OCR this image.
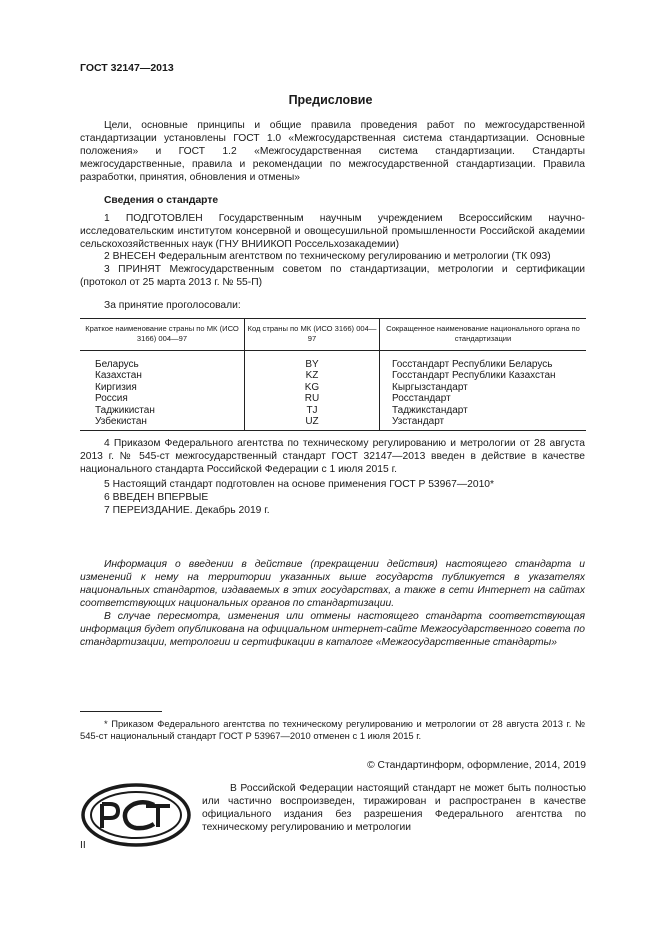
ГОСТ 32147—2013
Предисловие
Цели, основные принципы и общие правила проведения работ по межгосударственной стандартизации установлены ГОСТ 1.0 «Межгосударственная система стандартизации. Основные положения» и ГОСТ 1.2 «Межгосударственная система стандартизации. Стандарты межгосударственные, правила и рекомендации по межгосударственной стандартизации. Правила разработки, принятия, обновления и отмены»
Сведения о стандарте
1 ПОДГОТОВЛЕН Государственным научным учреждением Всероссийским научно-исследовательским институтом консервной и овощесушильной промышленности Российской академии сельскохозяйственных наук (ГНУ ВНИИКОП Россельхозакадемии)
2 ВНЕСЕН Федеральным агентством по техническому регулированию и метрологии (ТК 093)
3 ПРИНЯТ Межгосударственным советом по стандартизации, метрологии и сертификации (протокол от 25 марта 2013 г. № 55-П)
За принятие проголосовали:
Краткое наименование страны по МК (ИСО 3166) 004—97	Код страны по МК (ИСО 3166) 004—97	Сокращенное наименование национального органа по стандартизации
Беларусь	BY	Госстандарт Республики Беларусь
Казахстан	KZ	Госстандарт Республики Казахстан
Киргизия	KG	Кыргызстандарт
Россия	RU	Росстандарт
Таджикистан	TJ	Таджикстандарт
Узбекистан	UZ	Узстандарт
4 Приказом Федерального агентства по техническому регулированию и метрологии от 28 августа 2013 г. № 545-ст межгосударственный стандарт ГОСТ 32147—2013 введен в действие в качестве национального стандарта Российской Федерации с 1 июля 2015 г.
5 Настоящий стандарт подготовлен на основе применения ГОСТ Р 53967—2010*
6 ВВЕДЕН ВПЕРВЫЕ
7 ПЕРЕИЗДАНИЕ. Декабрь 2019 г.
Информация о введении в действие (прекращении действия) настоящего стандарта и изменений к нему на территории указанных выше государств публикуется в указателях национальных стандартов, издаваемых в этих государствах, а также в сети Интернет на сайтах соответствующих национальных органов по стандартизации.
В случае пересмотра, изменения или отмены настоящего стандарта соответствующая информация будет опубликована на официальном интернет-сайте Межгосударственного совета по стандартизации, метрологии и сертификации в каталоге «Межгосударственные стандарты»
* Приказом Федерального агентства по техническому регулированию и метрологии от 28 августа 2013 г. № 545-ст национальный стандарт ГОСТ Р 53967—2010 отменен с 1 июля 2015 г.
© Стандартинформ, оформление, 2014, 2019
В Российской Федерации настоящий стандарт не может быть полностью или частично воспроизведен, тиражирован и распространен в качестве официального издания без разрешения Федерального агентства по техническому регулированию и метрологии
II
